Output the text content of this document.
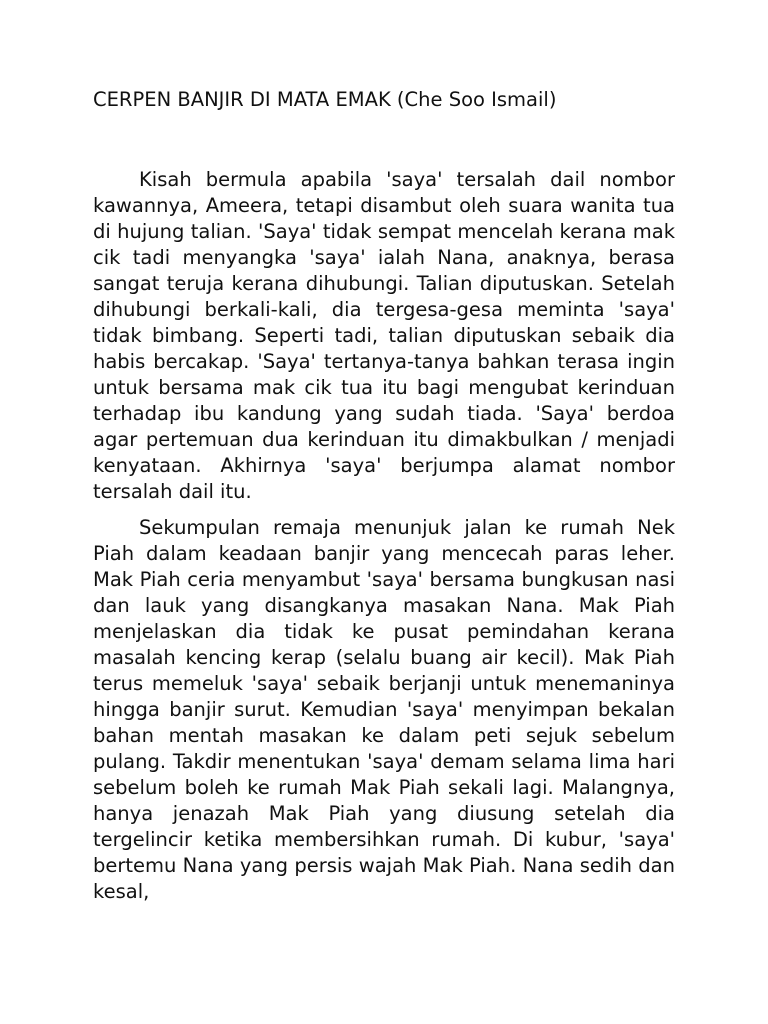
CERPEN BANJIR DI MATA EMAK (Che Soo Ismail)

Kisah bermula apabila 'saya' tersalah dail nombor kawannya, Ameera, tetapi disambut oleh suara wanita tua di hujung talian. 'Saya' tidak sempat mencelah kerana mak cik tadi menyangka 'saya' ialah Nana, anaknya, berasa sangat teruja kerana dihubungi. Talian diputuskan. Setelah dihubungi berkali-kali, dia tergesa-gesa meminta 'saya' tidak bimbang. Seperti tadi, talian diputuskan sebaik dia habis bercakap. 'Saya' tertanya-tanya bahkan terasa ingin untuk bersama mak cik tua itu bagi mengubat kerinduan terhadap ibu kandung yang sudah tiada. 'Saya' berdoa agar pertemuan dua kerinduan itu dimakbulkan / menjadi kenyataan. Akhirnya 'saya' berjumpa alamat nombor tersalah dail itu.

Sekumpulan remaja menunjuk jalan ke rumah Nek Piah dalam keadaan banjir yang mencecah paras leher. Mak Piah ceria menyambut 'saya' bersama bungkusan nasi dan lauk yang disangkanya masakan Nana. Mak Piah menjelaskan dia tidak ke pusat pemindahan kerana masalah kencing kerap (selalu buang air kecil). Mak Piah terus memeluk 'saya' sebaik berjanji untuk menemaninya hingga banjir surut. Kemudian 'saya' menyimpan bekalan bahan mentah masakan ke dalam peti sejuk sebelum pulang. Takdir menentukan 'saya' demam selama lima hari sebelum boleh ke rumah Mak Piah sekali lagi. Malangnya, hanya jenazah Mak Piah yang diusung setelah dia tergelincir ketika membersihkan rumah. Di kubur, 'saya' bertemu Nana yang persis wajah Mak Piah. Nana sedih dan kesal,
